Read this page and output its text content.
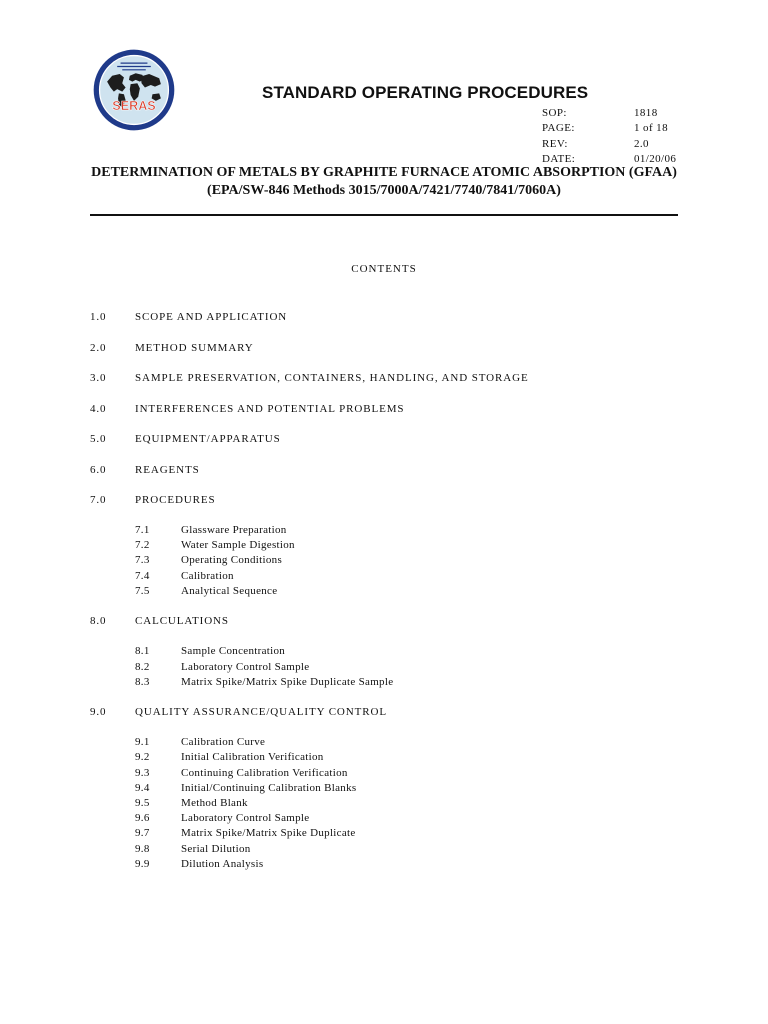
SERAS
STANDARD OPERATING PROCEDURES
SOP:	1818
PAGE:	1 of 18
REV:	2.0
DATE:	01/20/06
DETERMINATION OF METALS BY GRAPHITE FURNACE ATOMIC ABSORPTION (GFAA)
(EPA/SW-846 Methods 3015/7000A/7421/7740/7841/7060A)
CONTENTS
1.0	SCOPE AND APPLICATION
2.0	METHOD SUMMARY
3.0	SAMPLE PRESERVATION, CONTAINERS, HANDLING, AND STORAGE
4.0	INTERFERENCES AND POTENTIAL PROBLEMS
5.0	EQUIPMENT/APPARATUS
6.0	REAGENTS
7.0	PROCEDURES
7.1	Glassware Preparation
7.2	Water Sample Digestion
7.3	Operating Conditions
7.4	Calibration
7.5	Analytical Sequence
8.0	CALCULATIONS
8.1	Sample Concentration
8.2	Laboratory Control Sample
8.3	Matrix Spike/Matrix Spike Duplicate Sample
9.0	QUALITY ASSURANCE/QUALITY CONTROL
9.1	Calibration Curve
9.2	Initial Calibration Verification
9.3	Continuing Calibration Verification
9.4	Initial/Continuing Calibration Blanks
9.5	Method Blank
9.6	Laboratory Control Sample
9.7	Matrix Spike/Matrix Spike Duplicate
9.8	Serial Dilution
9.9	Dilution Analysis
